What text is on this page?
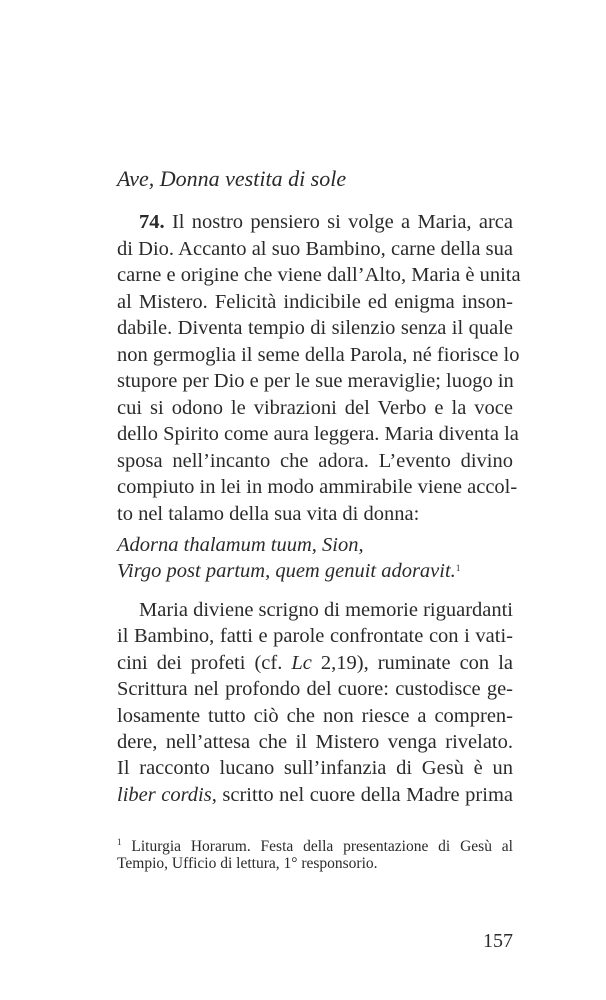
Ave, Donna vestita di sole
74. Il nostro pensiero si volge a Maria, arca
di Dio. Accanto al suo Bambino, carne della sua
carne e origine che viene dall’Alto, Maria è unita
al Mistero. Felicità indicibile ed enigma inson-
dabile. Diventa tempio di silenzio senza il quale
non germoglia il seme della Parola, né fiorisce lo
stupore per Dio e per le sue meraviglie; luogo in
cui si odono le vibrazioni del Verbo e la voce
dello Spirito come aura leggera. Maria diventa la
sposa nell’incanto che adora. L’evento divino
compiuto in lei in modo ammirabile viene accol-
to nel talamo della sua vita di donna:
Adorna thalamum tuum, Sion,
Virgo post partum, quem genuit adoravit.$^1$
Maria diviene scrigno di memorie riguardanti
il Bambino, fatti e parole confrontate con i vati-
cini dei profeti (cf. Lc 2,19), ruminate con la
Scrittura nel profondo del cuore: custodisce ge-
losamente tutto ciò che non riesce a compren-
dere, nell’attesa che il Mistero venga rivelato.
Il racconto lucano sull’infanzia di Gesù è un
liber cordis, scritto nel cuore della Madre prima
$^1$ Liturgia Horarum. Festa della presentazione di Gesù al
Tempio, Ufficio di lettura, 1° responsorio.
157
